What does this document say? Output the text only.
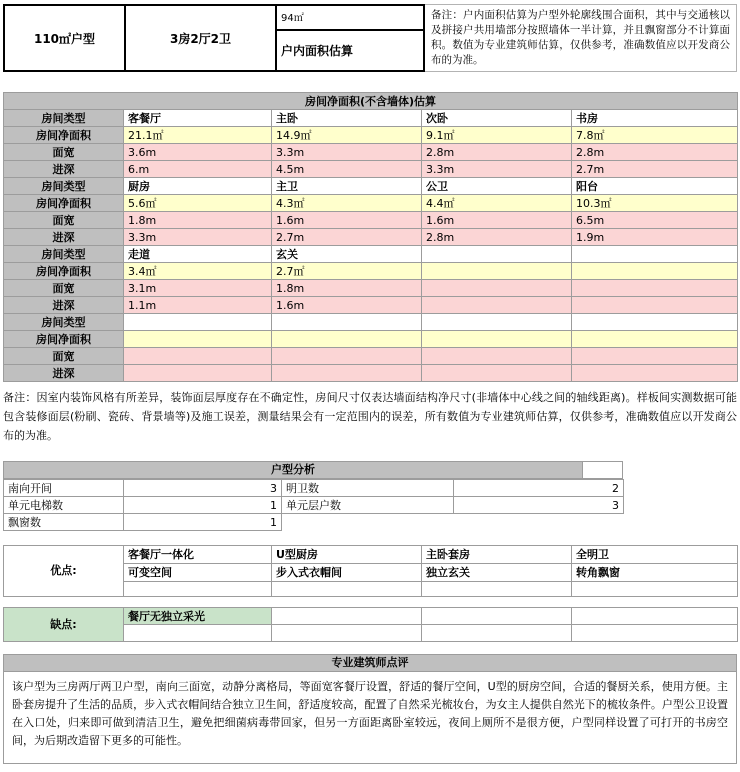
110㎡户型	3房2厅2卫
94㎡
户内面积估算
备注：户内面积估算为户型外轮廓线围合面积，其中与交通核以及拼接户共用墙部分按照墙体一半计算，并且飘窗部分不计算面积。数值为专业建筑师估算，仅供参考，准确数值应以开发商公布的为准。
房间净面积(不含墙体)估算				
房间类型	客餐厅	主卧	次卧	书房
房间净面积	21.1㎡	14.9㎡	9.1㎡	7.8㎡
面宽	3.6m	3.3m	2.8m	2.8m
进深	6.m	4.5m	3.3m	2.7m
房间类型	厨房	主卫	公卫	阳台
房间净面积	5.6㎡	4.3㎡	4.4㎡	10.3㎡
面宽	1.8m	1.6m	1.6m	6.5m
进深	3.3m	2.7m	2.8m	1.9m
房间类型	走道	玄关		
房间净面积	3.4㎡	2.7㎡		
面宽	3.1m	1.8m		
进深	1.1m	1.6m		
房间类型				
房间净面积				
面宽				
进深				
备注：因室内装饰风格有所差异，装饰面层厚度存在不确定性，房间尺寸仅表达墙面结构净尺寸(非墙体中心线之间的轴线距离)。样板间实测数据可能包含装修面层(粉刷、瓷砖、背景墙等)及施工误差，测量结果会有一定范围内的误差，所有数值为专业建筑师估算，仅供参考，准确数值应以开发商公布的为准。
户型分析
南向开间	3	明卫数	2
单元电梯数	1	单元层户数	3
飘窗数	1		
优点:	客餐厅一体化	U型厨房	主卧套房	全明卫
	可变空间	步入式衣帽间	独立玄关	转角飘窗

缺点:	餐厅无独立采光			

专业建筑师点评
该户型为三房两厅两卫户型，南向三面宽，动静分离格局，等面宽客餐厅设置，舒适的餐厅空间，U型的厨房空间，合适的餐厨关系，使用方便。主卧套房提升了生活的品质，步入式衣帽间结合独立卫生间，舒适度较高，配置了自然采光梳妆台，为女主人提供自然光下的梳妆条件。户型公卫设置在入口处，归来即可做到清洁卫生，避免把细菌病毒带回家，但另一方面距离卧室较远，夜间上厕所不是很方便，户型同样设置了可打开的书房空间，为后期改造留下更多的可能性。
